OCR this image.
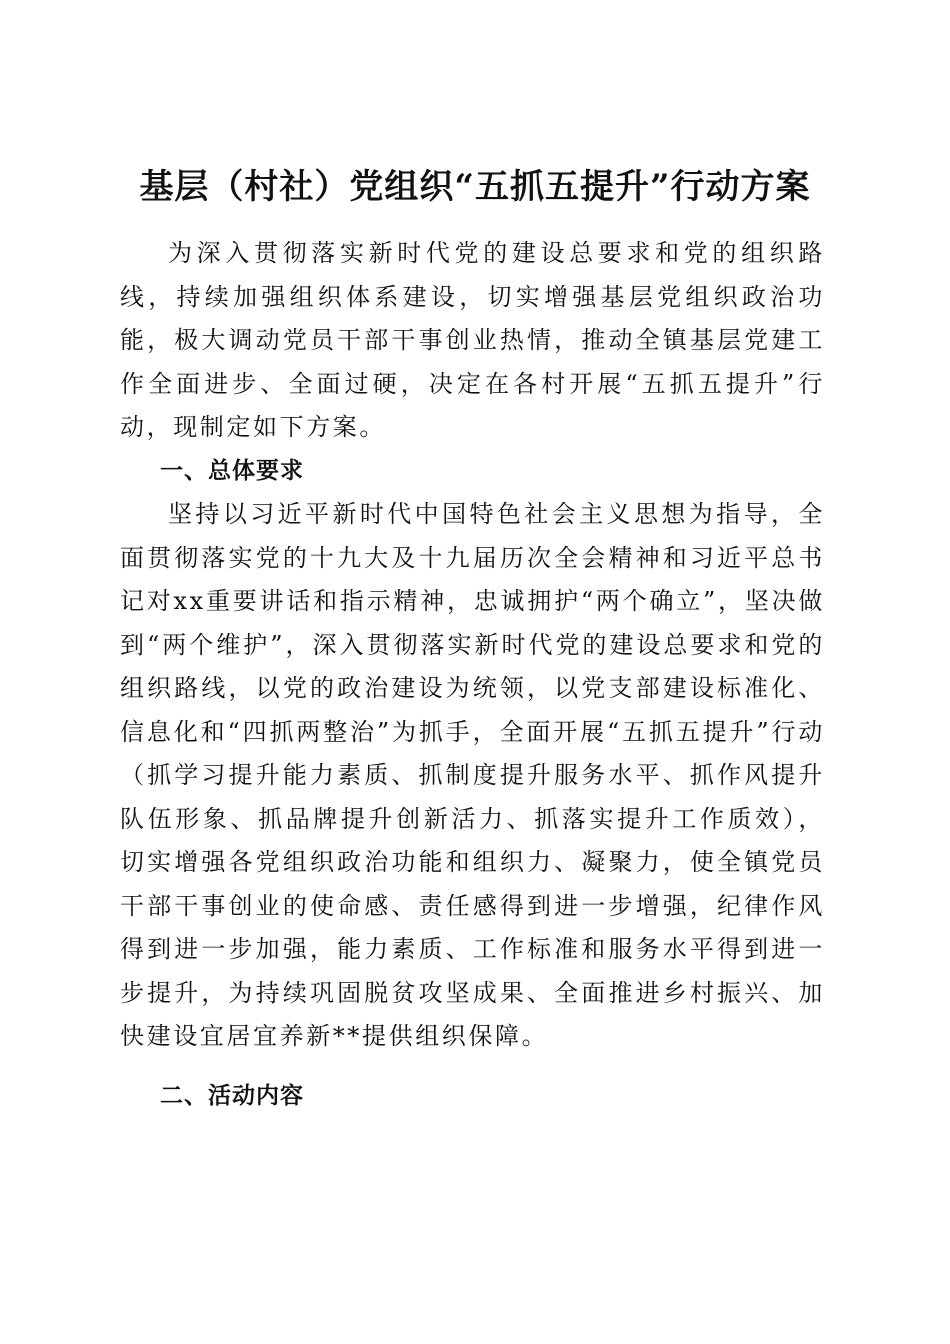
基层（村社）党组织“五抓五提升”行动方案

为深入贯彻落实新时代党的建设总要求和党的组织路线，持续加强组织体系建设，切实增强基层党组织政治功能，极大调动党员干部干事创业热情，推动全镇基层党建工作全面进步、全面过硬，决定在各村开展“五抓五提升”行动，现制定如下方案。

一、总体要求

坚持以习近平新时代中国特色社会主义思想为指导，全面贯彻落实党的十九大及十九届历次全会精神和习近平总书记对xx重要讲话和指示精神，忠诚拥护“两个确立”，坚决做到“两个维护”，深入贯彻落实新时代党的建设总要求和党的组织路线，以党的政治建设为统领，以党支部建设标准化、信息化和“四抓两整治”为抓手，全面开展“五抓五提升”行动（抓学习提升能力素质、抓制度提升服务水平、抓作风提升队伍形象、抓品牌提升创新活力、抓落实提升工作质效），切实增强各党组织政治功能和组织力、凝聚力，使全镇党员干部干事创业的使命感、责任感得到进一步增强，纪律作风得到进一步加强，能力素质、工作标准和服务水平得到进一步提升，为持续巩固脱贫攻坚成果、全面推进乡村振兴、加快建设宜居宜养新**提供组织保障。

二、活动内容
